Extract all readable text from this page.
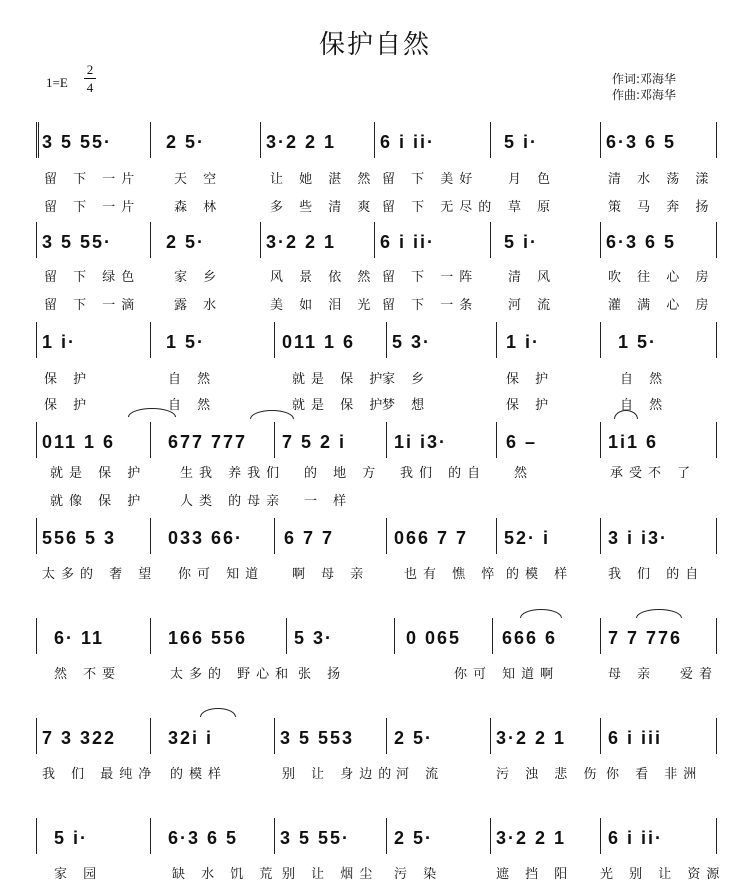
保护自然
1=E
2
4
作词:邓海华
作曲:邓海华
3 5 55·	2 5·	3·2 2 1 6 i ii·	5 i·	6·3 6 5
3 5 55·	2 5·	3·2 2 1 6 i ii·	5 i·	6·3 6 5
1 i·	1 5·	011 1 6 5 3·	1 i·	1 5·
011 1 6	677 777 7 5 2 i	1i i3·	6 –	1i1 6
556 5 3	033 66· 6 7 7	066 7 7 52· i	3 i i3·
6· 11	166 556	5 3·	0 065 666 6	7 7 776
7 3 322	32i i	3 5 553 2 5·	3·2 2 1 6 i iii
5 i·	6·3 6 5 3 5 55· 2 5·	3·2 2 1 6 i ii·
留 下 一片	天 空	让 她 湛 然 留 下 美好 月 色	清 水 荡 漾
留 下 一片	森 林	多 些 清 爽 留 下 无尽的 草 原	策 马 奔 扬
留 下 绿色	家 乡	风 景 依 然 留 下 一阵 清 风	吹 往 心 房
留 下 一滴	露 水	美 如 泪 光 留 下 一条 河 流	灌 满 心 房
保 护	自 然	就是 保 护
家 乡	保 护	自 然
保 护	自 然	就是 保 护
梦 想	保 护	自 然
就是 保 护	生我 养我们 的 地 方 我们 的自 然	承受不 了
就像 保 护	人类 的母亲 一 样
太多的 奢 望 你可 知道 啊 母 亲	也有 憔 悴 的模 样	我 们 的自
然 不要	太多的 野心和 张 扬	你可 知道啊	母 亲 爱着
我 们 最纯净 的模样	别 让 身边的
河 流	污 浊 悲 伤 你 看 非洲
家 园	缺 水 饥 荒 别 让 烟尘 污 染	遮 挡 阳 光 别 让 资源
